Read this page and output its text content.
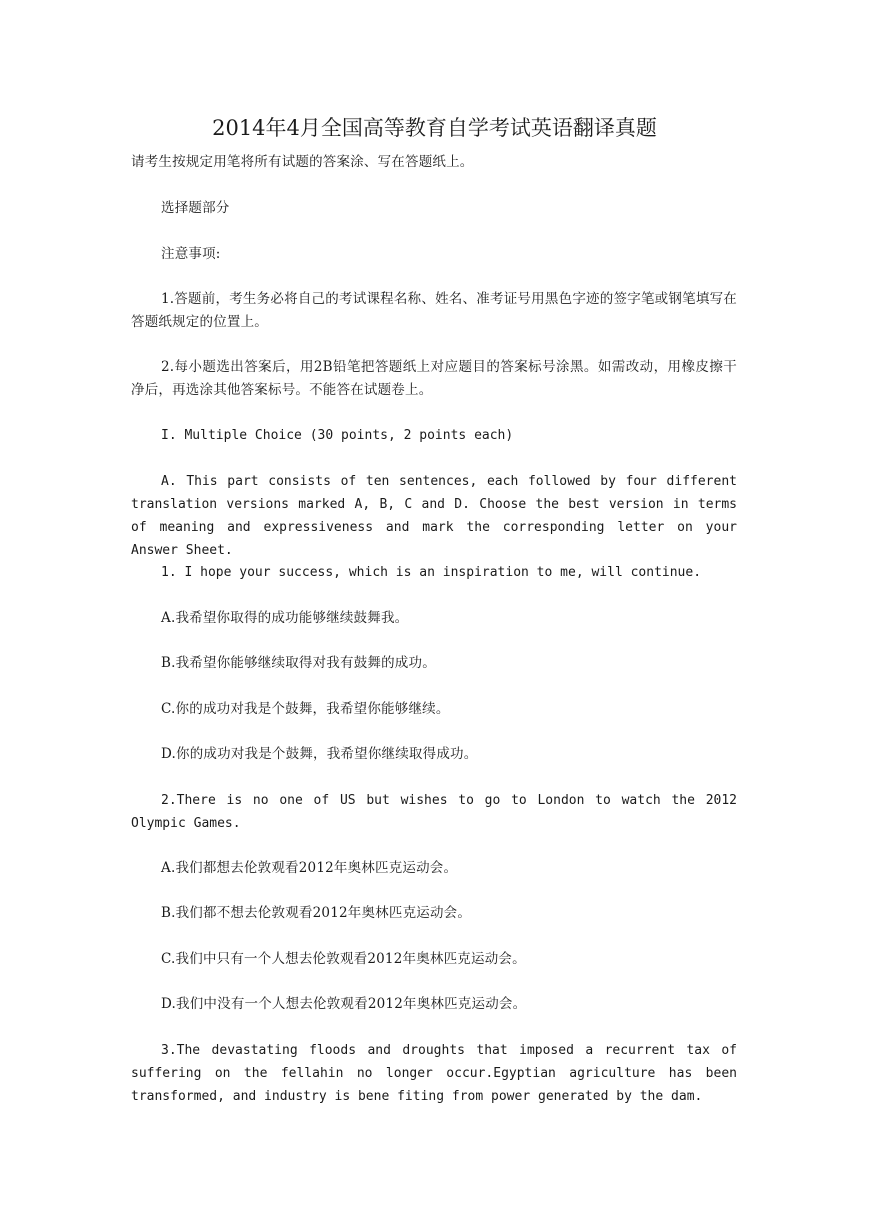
2014年4月全国高等教育自学考试英语翻译真题
请考生按规定用笔将所有试题的答案涂、写在答题纸上。
选择题部分
注意事项:
1.答题前，考生务必将自己的考试课程名称、姓名、准考证号用黑色字迹的签字笔或钢笔填写在答题纸规定的位置上。
2.每小题选出答案后，用2B铅笔把答题纸上对应题目的答案标号涂黑。如需改动，用橡皮擦干净后，再选涂其他答案标号。不能答在试题卷上。
I. Multiple Choice (30 points, 2 points each)
A. This part consists of ten sentences, each followed by four different translation versions marked A, B, C and D. Choose the best version in terms of meaning and expressiveness and mark the corresponding letter on your Answer Sheet.
1. I hope your success, which is an inspiration to me, will continue.
A.我希望你取得的成功能够继续鼓舞我。
B.我希望你能够继续取得对我有鼓舞的成功。
C.你的成功对我是个鼓舞，我希望你能够继续。
D.你的成功对我是个鼓舞，我希望你继续取得成功。
2.There is no one of US but wishes to go to London to watch the 2012 Olympic Games.
A.我们都想去伦敦观看2012年奥林匹克运动会。
B.我们都不想去伦敦观看2012年奥林匹克运动会。
C.我们中只有一个人想去伦敦观看2012年奥林匹克运动会。
D.我们中没有一个人想去伦敦观看2012年奥林匹克运动会。
3.The devastating floods and droughts that imposed a recurrent tax of suffering on the fellahin no longer occur.Egyptian agriculture has been transformed, and industry is bene fiting from power generated by the dam.
